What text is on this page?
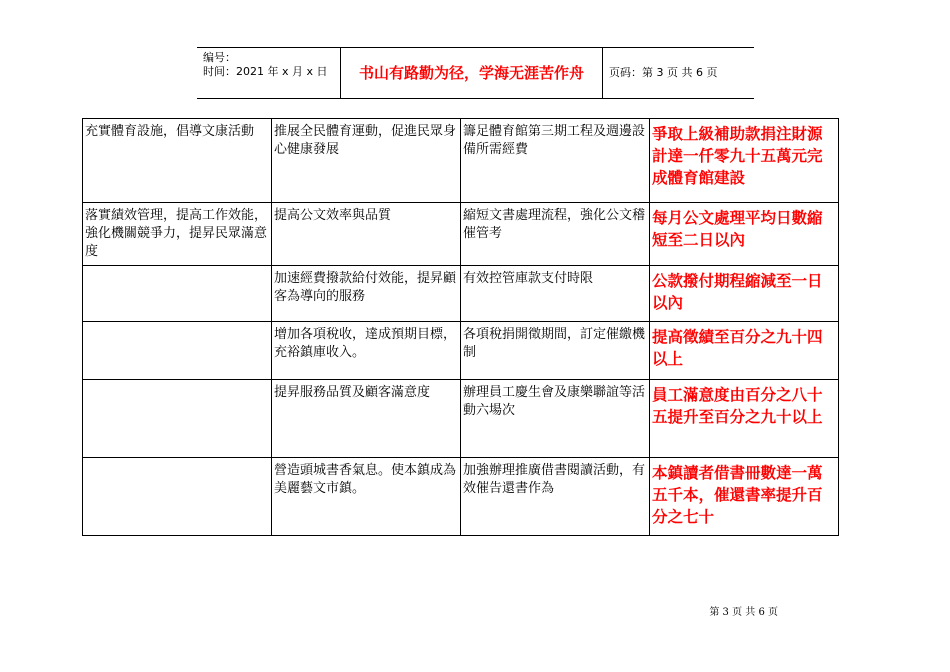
编号：
时间：2021 年 x 月 x 日	书山有路勤为径，学海无涯苦作舟	页码：第 3 页 共 6 页
充實體育設施，倡導文康活動	推展全民體育運動，促進民眾身心健康發展	籌足體育館第三期工程及週邊設備所需經費	爭取上級補助款捐注財源計達一仟零九十五萬元完成體育館建設
落實績效管理，提高工作效能，強化機關競爭力，提昇民眾滿意度	提高公文效率與品質	縮短文書處理流程，強化公文稽催管考	每月公文處理平均日數縮短至二日以內
	加速經費撥款給付效能，提昇顧客為導向的服務	有效控管庫款支付時限	公款撥付期程縮減至一日以內
	增加各項稅收，達成預期目標，充裕鎮庫收入。	各項稅捐開徵期間，訂定催繳機制	提高徵績至百分之九十四以上
	提昇服務品質及顧客滿意度	辦理員工慶生會及康樂聯誼等活動六場次	員工滿意度由百分之八十五提升至百分之九十以上
	營造頭城書香氣息。使本鎮成為美麗藝文市鎮。	加強辦理推廣借書閱讀活動，有效催告還書作為	本鎮讀者借書冊數達一萬五千本，催還書率提升百分之七十
第 3 页 共 6 页
